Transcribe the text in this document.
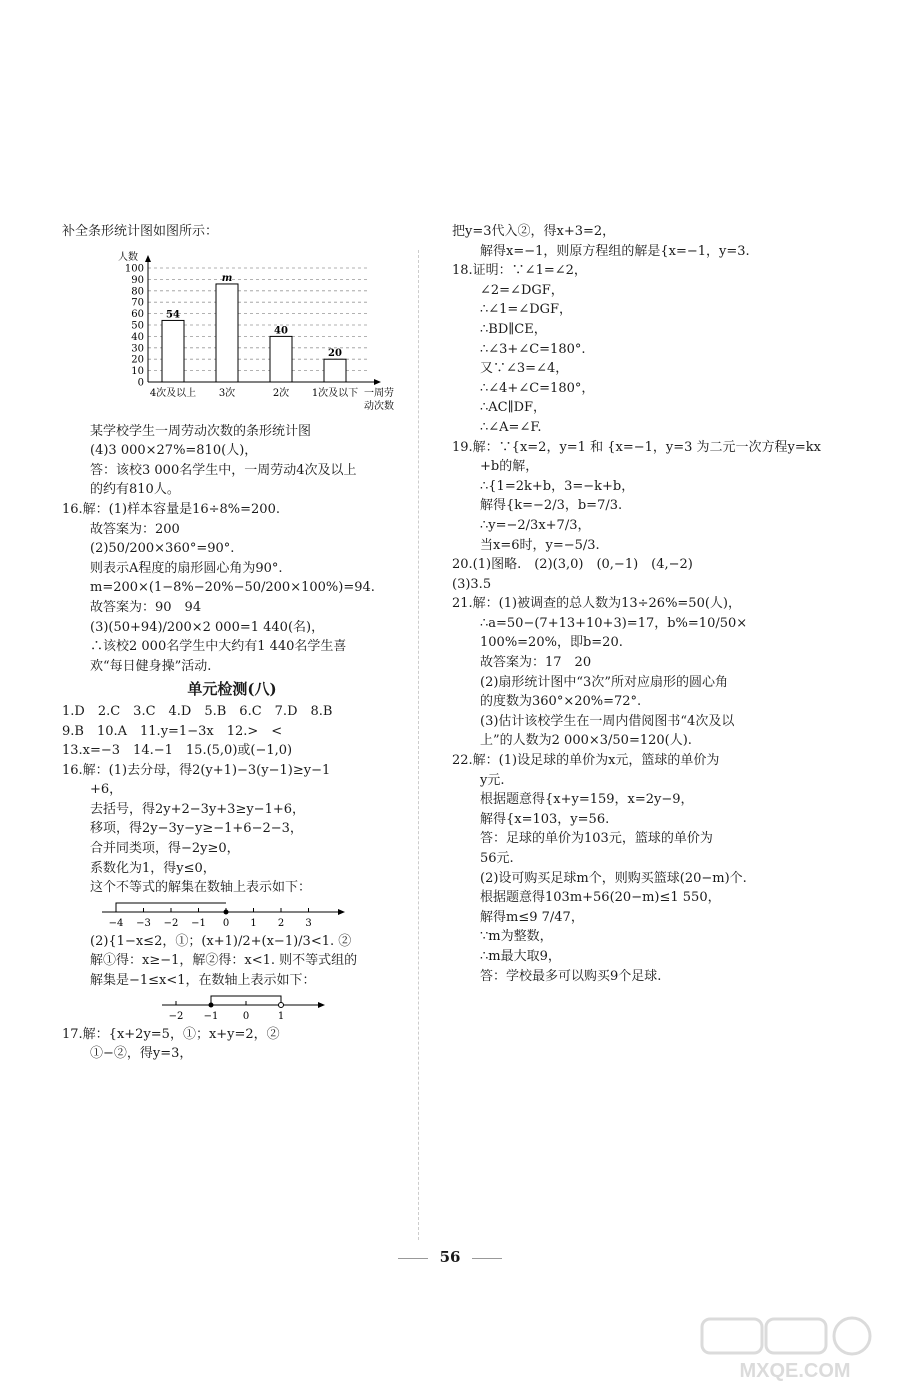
补全条形统计图如图所示：
某学校学生一周劳动次数的条形统计图
(4)3 000×27%=810(人)，
答：该校3 000名学生中，一周劳动4次及以上
的约有810人。
16.解：(1)样本容量是16÷8%=200.
故答案为：200
(2)50/200×360°=90°.
则表示A程度的扇形圆心角为90°.
m=200×(1−8%−20%−50/200×100%)=94.
故答案为：90　94
(3)(50+94)/200×2 000=1 440(名)，
∴该校2 000名学生中大约有1 440名学生喜
欢“每日健身操”活动.
单元检测(八)
1.D　2.C　3.C　4.D　5.B　6.C　7.D　8.B
9.B　10.A　11.y=1−3x　12.>　<
13.x=−3　14.−1　15.(5,0)或(−1,0)
16.解：(1)去分母，得2(y+1)−3(y−1)≥y−1
+6，
去括号，得2y+2−3y+3≥y−1+6，
移项，得2y−3y−y≥−1+6−2−3，
合并同类项，得−2y≥0，
系数化为1，得y≤0，
这个不等式的解集在数轴上表示如下：
−4 −3 −2 −1 0 1 2 3
(2){1−x≤2，①；(x+1)/2+(x−1)/3<1. ②
解①得：x≥−1，解②得：x<1. 则不等式组的
解集是−1≤x<1，在数轴上表示如下：
−2 −1 0	1
17.解：{x+2y=5，①；x+y=2，②
①−②，得y=3，
把y=3代入②，得x+3=2，
解得x=−1，则原方程组的解是{x=−1，y=3.
18.证明：∵∠1=∠2，
∠2=∠DGF，
∴∠1=∠DGF，
∴BD∥CE，
∴∠3+∠C=180°.
又∵∠3=∠4，
∴∠4+∠C=180°，
∴AC∥DF，
∴∠A=∠F.
19.解：∵{x=2，y=1 和 {x=−1，y=3 为二元一次方程y=kx
+b的解，
∴{1=2k+b，3=−k+b，
解得{k=−2/3，b=7/3.
∴y=−2/3x+7/3，
当x=6时，y=−5/3.
20.(1)图略.　(2)(3,0)　(0,−1)　(4,−2)
(3)3.5
21.解：(1)被调查的总人数为13÷26%=50(人)，
∴a=50−(7+13+10+3)=17，b%=10/50×
100%=20%，即b=20.
故答案为：17　20
(2)扇形统计图中“3次”所对应扇形的圆心角
的度数为360°×20%=72°.
(3)估计该校学生在一周内借阅图书“4次及以
上”的人数为2 000×3/50=120(人).
22.解：(1)设足球的单价为x元，篮球的单价为
y元.
根据题意得{x+y=159，x=2y−9，
解得{x=103，y=56.
答：足球的单价为103元，篮球的单价为
56元.
(2)设可购买足球m个，则购买篮球(20−m)个.
根据题意得103m+56(20−m)≤1 550，
解得m≤9 7/47，
∵m为整数，
∴m最大取9，
答：学校最多可以购买9个足球.
0
10
20
30
40
50
60
70
80
90
100
人数
一周劳
动次数
54
4次及以上
m
3次
40
2次
20
1次及以下
56
MXQE.COM
